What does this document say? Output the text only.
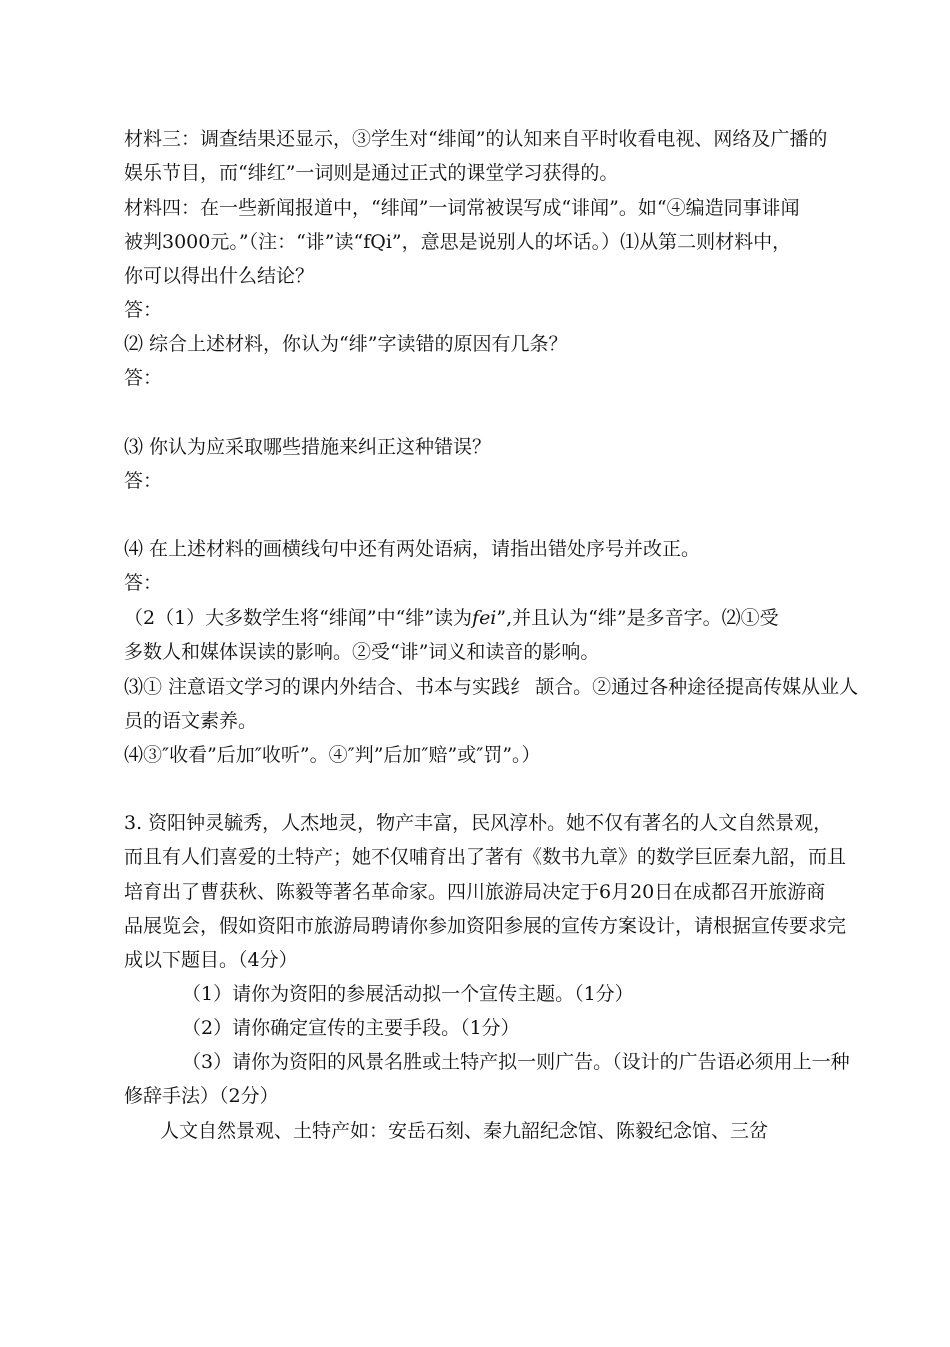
材料三：调查结果还显示，③学生对“绯闻”的认知来自平时收看电视、网络及广播的
娱乐节目，而“绯红”一词则是通过正式的课堂学习获得的。
材料四：在一些新闻报道中，“绯闻”一词常被误写成“诽闻”。如“④编造同事诽闻
被判3000元。”（注：“诽”读“fQi”，意思是说别人的坏话。）⑴从第二则材料中，
你可以得出什么结论？
答：
⑵ 综合上述材料，你认为“绯”字读错的原因有几条？
答：
⑶ 你认为应采取哪些措施来纠正这种错误？
答：
⑷ 在上述材料的画横线句中还有两处语病，请指出错处序号并改正。
答：
（2（1）大多数学生将“绯闻”中“绯”读为𝑓𝑒𝑖”,并且认为“绯”是多音字。⑵①受
多数人和媒体误读的影响。②受“诽”词义和读音的影响。
⑶① 注意语文学习的课内外结合、书本与实践纟 颉合。②通过各种途径提高传媒从业人
员的语文素养。
⑷③″收看”后加″收听”。④″判”后加″赔”或″罚”。）
3. 资阳钟灵毓秀，人杰地灵，物产丰富，民风淳朴。她不仅有著名的人文自然景观，
而且有人们喜爱的土特产；她不仅哺育出了著有《数书九章》的数学巨匠秦九韶，而且
培育出了曹获秋、陈毅等著名革命家。四川旅游局决定于6月20日在成都召开旅游商
品展览会，假如资阳市旅游局聘请你参加资阳参展的宣传方案设计，请根据宣传要求完
成以下题目。（4分）
（1）请你为资阳的参展活动拟一个宣传主题。（1分）
（2）请你确定宣传的主要手段。（1分）
（3）请你为资阳的风景名胜或土特产拟一则广告。（设计的广告语必须用上一种
修辞手法）（2分）
人文自然景观、土特产如：安岳石刻、秦九韶纪念馆、陈毅纪念馆、三岔
